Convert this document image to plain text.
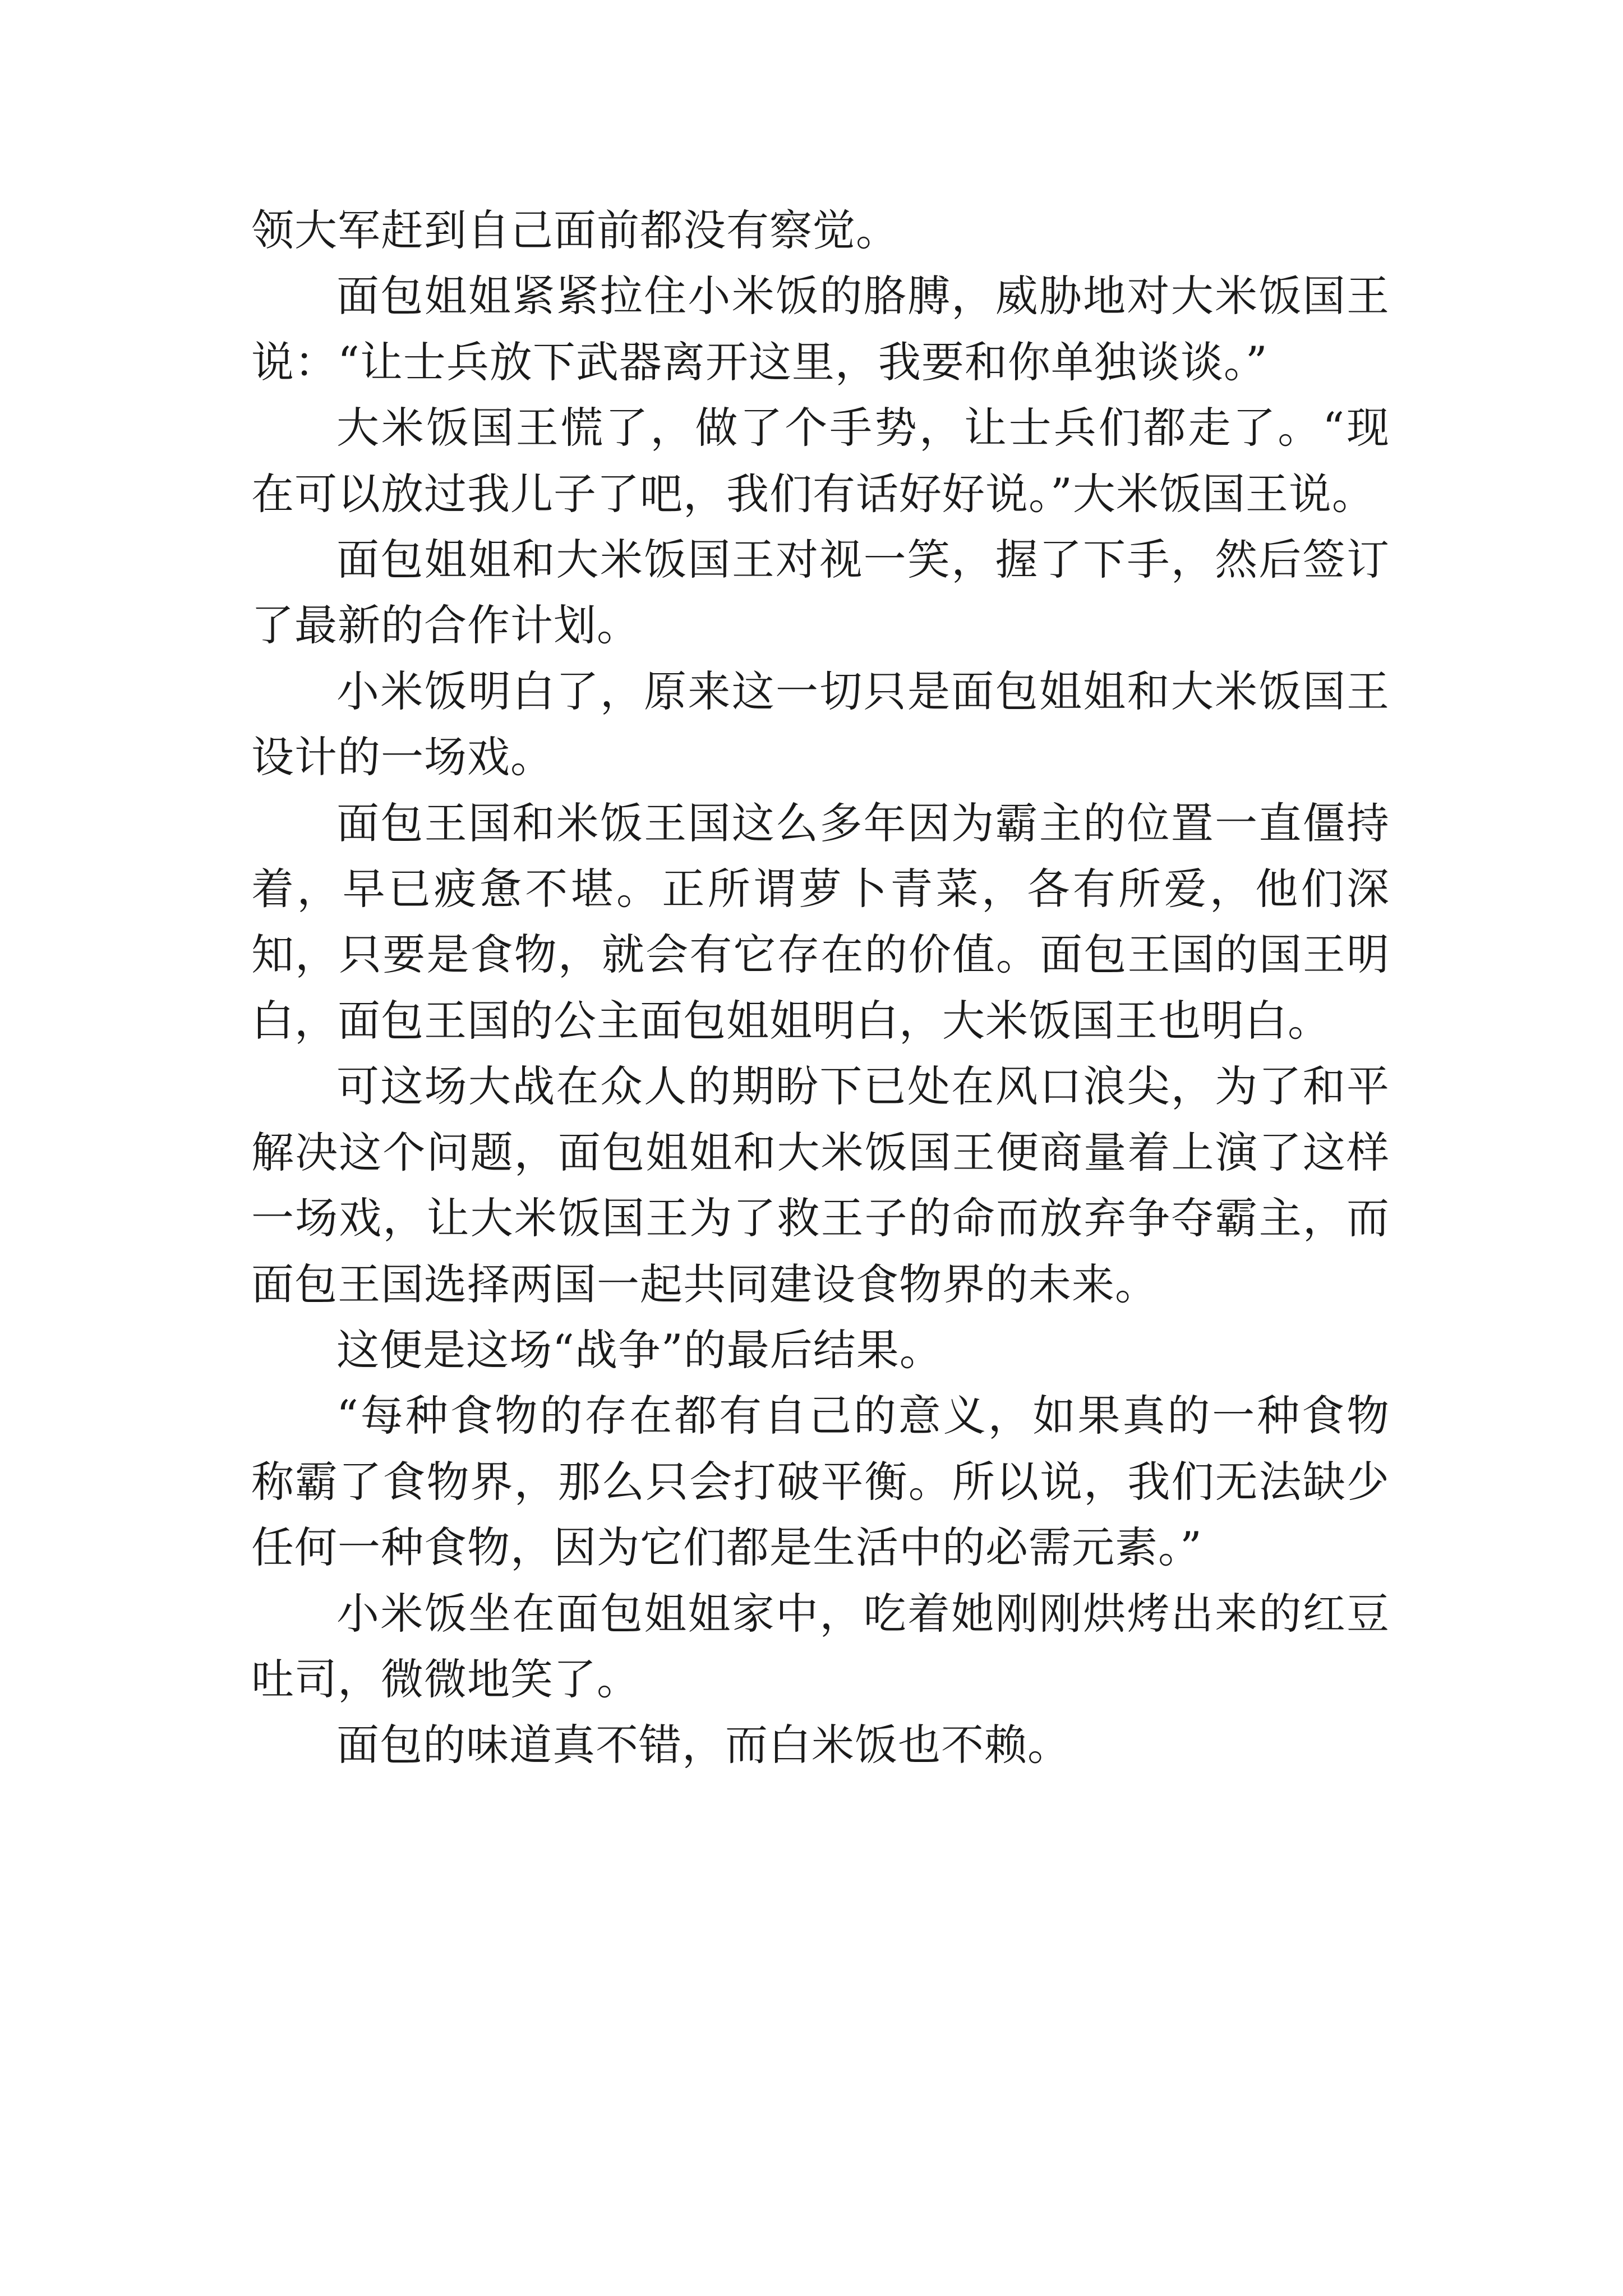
领大军赶到自己面前都没有察觉。

面包姐姐紧紧拉住小米饭的胳膊，威胁地对大米饭国王说：“让士兵放下武器离开这里，我要和你单独谈谈。”

大米饭国王慌了，做了个手势，让士兵们都走了。“现在可以放过我儿子了吧，我们有话好好说。”大米饭国王说。

面包姐姐和大米饭国王对视一笑，握了下手，然后签订了最新的合作计划。

小米饭明白了，原来这一切只是面包姐姐和大米饭国王设计的一场戏。

面包王国和米饭王国这么多年因为霸主的位置一直僵持着，早已疲惫不堪。正所谓萝卜青菜，各有所爱，他们深知，只要是食物，就会有它存在的价值。面包王国的国王明白，面包王国的公主面包姐姐明白，大米饭国王也明白。

可这场大战在众人的期盼下已处在风口浪尖，为了和平解决这个问题，面包姐姐和大米饭国王便商量着上演了这样一场戏，让大米饭国王为了救王子的命而放弃争夺霸主，而面包王国选择两国一起共同建设食物界的未来。

这便是这场“战争”的最后结果。

“每种食物的存在都有自己的意义，如果真的一种食物称霸了食物界，那么只会打破平衡。所以说，我们无法缺少任何一种食物，因为它们都是生活中的必需元素。”

小米饭坐在面包姐姐家中，吃着她刚刚烘烤出来的红豆吐司，微微地笑了。

面包的味道真不错，而白米饭也不赖。
